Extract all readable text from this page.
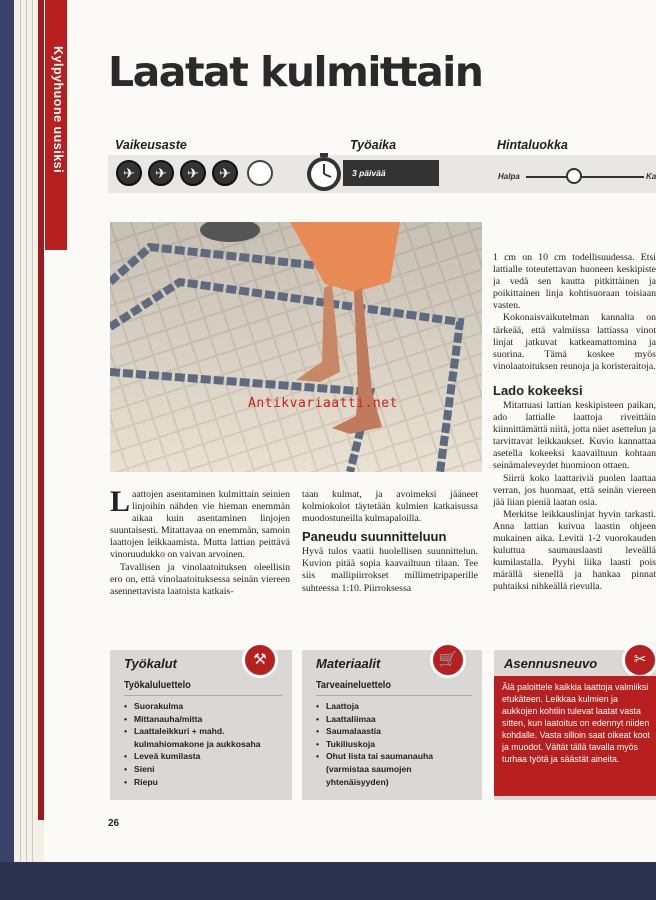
Kylpyhuone uusiksi Laatat kulmittain
Vaikeusaste
✈	✈	✈	✈
Työaika
3 päivää
Hintaluokka
Halpa	Ka
Antikvariaatti.net

Laattojen asentaminen kulmittain seinien linjoihin nähden vie hieman enemmän aikaa kuin asentaminen linjojen suuntaisesti. Mitattavaa on enemmän, samoin laattojen leikkaamista. Mutta lattian peittävä vinoruudukko on vaivan arvoinen.

Tavallisen ja vinolaatoituksen oleellisin ero on, että vinolaatoituksessa seinän viereen asennettavista laatoista katkais-

taan kulmat, ja avoimeksi jääneet kolmiokolot täytetään kulmien katkaisussa muodostuneilla kulmapaloilla.

Paneudu suunnitteluun

Hyvä tulos vaatii huolellisen suunnittelun. Kuvion pitää sopia kaavailtuun tilaan. Tee siis mallipiirrokset millimetripaperille suhteessa 1:10. Piirroksessa

1 cm on 10 cm todellisuudessa. Etsi lattialle toteutettavan huoneen keskipiste ja vedä sen kautta pitkittäinen ja poikittainen linja kohtisuoraan toisiaan vasten.

Kokonaisvaikutelman kannalta on tärkeää, että valmiissa lattiassa vinot linjat jatkuvat katkeamattomina ja suorina. Tämä koskee myös vinolaatoituksen reunoja ja koristeraitoja.

Lado kokeeksi

Mitattuasi lattian keskipisteen paikan, ado lattialle laattoja riveittäin kiinnittämättä niitä, jotta näet asettelun ja tarvittavat leikkaukset. Kuvio kannattaa asetella kokeeksi kaavailtuun kohtaan seinämaleveydet huomioon ottaen.

Siirrä koko laattariviä puolen laattaa verran, jos huomaat, että seinän viereen jää liian pieniä laatan osia.

Merkitse leikkauslinjat hyvin tarkasti. Anna lattian kuivua laastin ohjeen mukainen aika. Levitä 1-2 vuorokauden kuluttua saumauslaasti leveällä kumilastalla. Pyyhi liika laasti pois märällä sienellä ja hankaa pinnat puhtaiksi nihkeällä rievulla.

Työkalut	⚒
Työkaluluettelo
• Suorakulma
• Mittanauha/mitta
• Laattaleikkuri + mahd. kulmahiomakone ja aukkosaha
• Leveä kumilasta
• Sieni
• Riepu
Materiaalit	🛒
Tarveaineluettelo
• Laattoja
• Laattaliimaa
• Saumalaastia
• Tukiliuskoja
• Ohut lista tai saumanauha (varmistaa saumojen yhtenäisyyden)
Asennusneuvo	✂
Älä paloittele kaikkia laattoja valmiiksi etukäteen. Leikkaa kulmien ja aukkojen kohtiin tulevat laatat vasta sitten, kun laatoitus on edennyt niiden kohdalle. Vasta silloin saat oikeat koot ja muodot. Vältät tällä tavalla myös turhaa työtä ja säästät aineita.
26
